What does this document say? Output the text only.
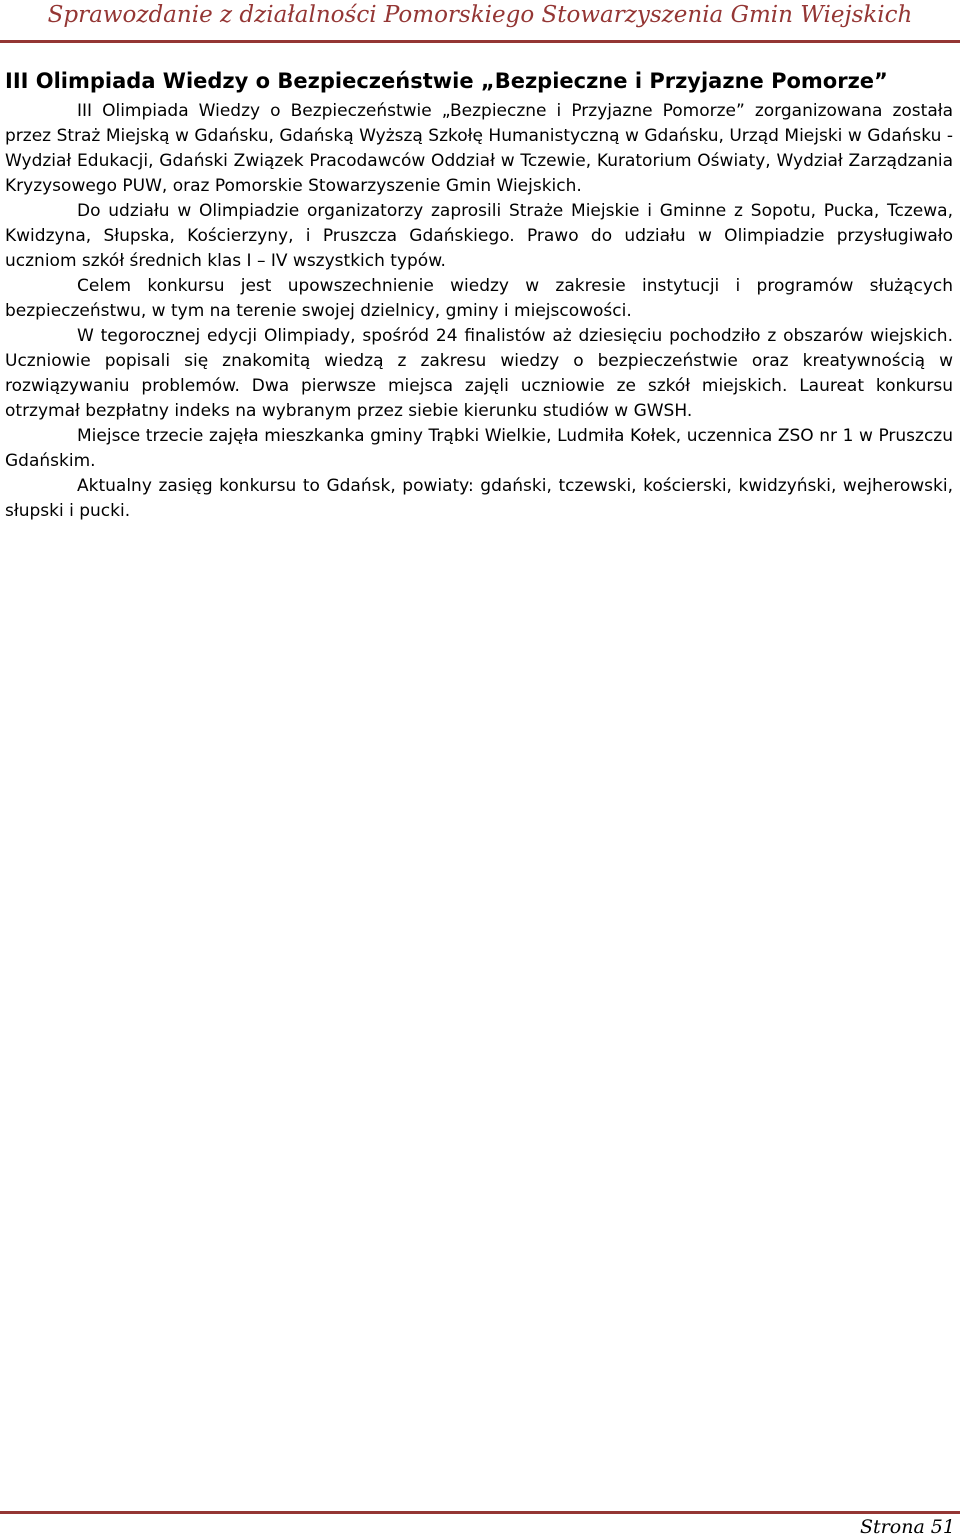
Sprawozdanie z działalności Pomorskiego Stowarzyszenia Gmin Wiejskich
III Olimpiada Wiedzy o Bezpieczeństwie „Bezpieczne i Przyjazne Pomorze”

III Olimpiada Wiedzy o Bezpieczeństwie „Bezpieczne i Przyjazne Pomorze” zorganizowana została przez Straż Miejską w Gdańsku, Gdańską Wyższą Szkołę Humanistyczną w Gdańsku, Urząd Miejski w Gdańsku - Wydział Edukacji, Gdański Związek Pracodawców Oddział w Tczewie, Kuratorium Oświaty, Wydział Zarządzania Kryzysowego PUW, oraz Pomorskie Stowarzyszenie Gmin Wiejskich.

Do udziału w Olimpiadzie organizatorzy zaprosili Straże Miejskie i Gminne z Sopotu, Pucka, Tczewa, Kwidzyna, Słupska, Kościerzyny, i Pruszcza Gdańskiego. Prawo do udziału w Olimpiadzie przysługiwało uczniom szkół średnich klas I – IV wszystkich typów.

Celem konkursu jest upowszechnienie wiedzy w zakresie instytucji i programów służących bezpieczeństwu, w tym na terenie swojej dzielnicy, gminy i miejscowości.

W tegorocznej edycji Olimpiady, spośród 24 finalistów aż dziesięciu pochodziło z obszarów wiejskich. Uczniowie popisali się znakomitą wiedzą z zakresu wiedzy o bezpieczeństwie oraz kreatywnością w rozwiązywaniu problemów. Dwa pierwsze miejsca zajęli uczniowie ze szkół miejskich. Laureat konkursu otrzymał bezpłatny indeks na wybranym przez siebie kierunku studiów w GWSH.

Miejsce trzecie zajęła mieszkanka gminy Trąbki Wielkie, Ludmiła Kołek, uczennica ZSO nr 1 w Pruszczu Gdańskim.

Aktualny zasięg konkursu to Gdańsk, powiaty: gdański, tczewski, kościerski, kwidzyński, wejherowski, słupski i pucki.

Strona 51
